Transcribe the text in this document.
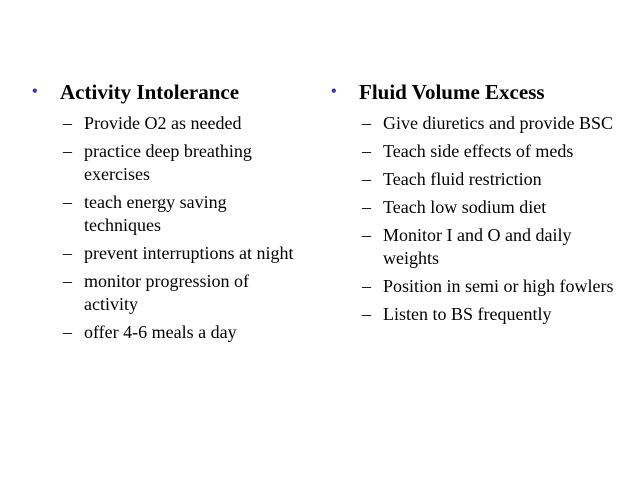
•	Activity Intolerance
– Provide O2 as needed
– practice deep breathing exercises
– teach energy saving techniques
– prevent interruptions at night
– monitor progression of activity
– offer 4-6 meals a day
•	Fluid Volume Excess
– Give diuretics and provide BSC
– Teach side effects of meds
– Teach fluid restriction
– Teach low sodium diet
– Monitor I and O and daily weights
– Position in semi or high fowlers
– Listen to BS frequently
